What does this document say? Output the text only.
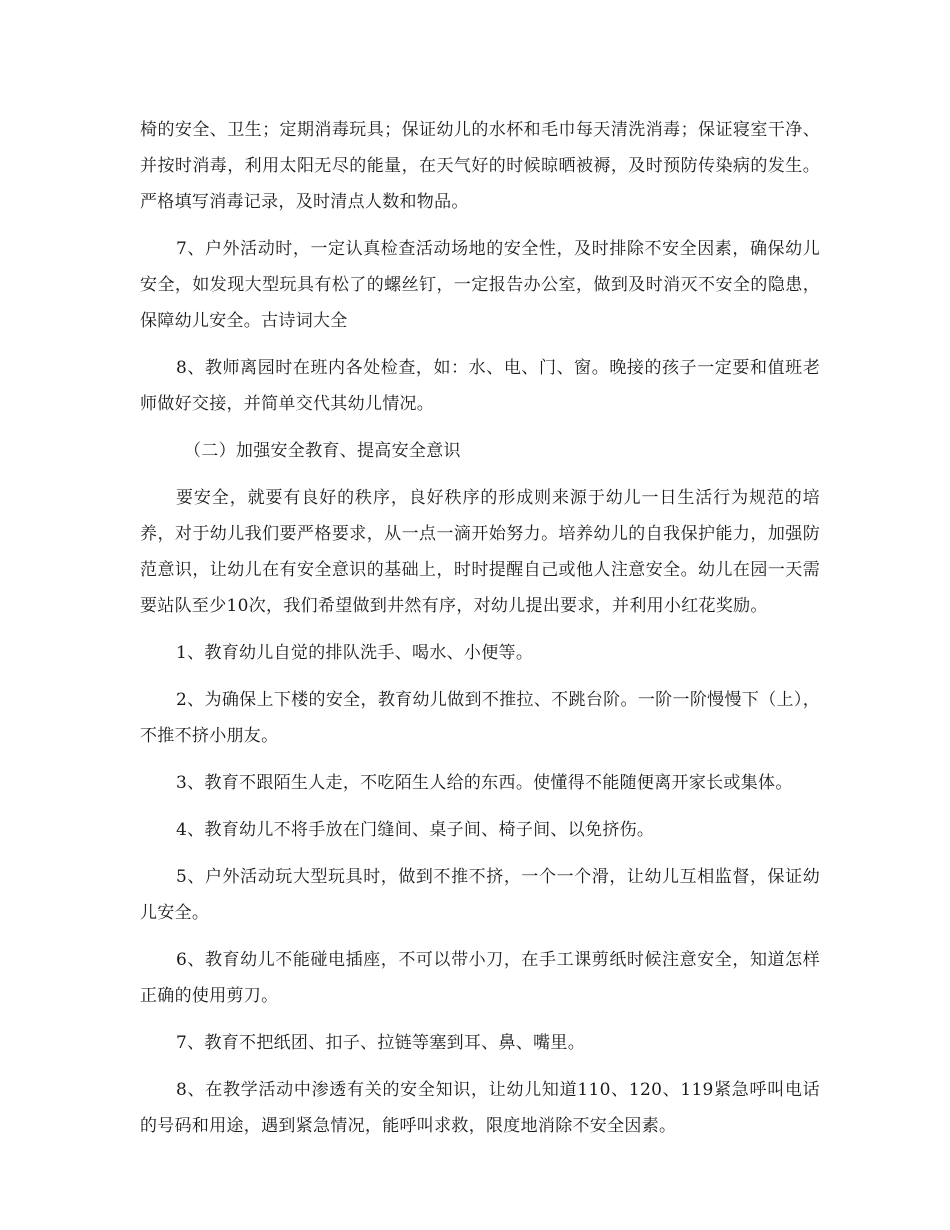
椅的安全、卫生；定期消毒玩具；保证幼儿的水杯和毛巾每天清洗消毒；保证寝室干净、并按时消毒，利用太阳无尽的能量，在天气好的时候晾晒被褥，及时预防传染病的发生。严格填写消毒记录，及时清点人数和物品。

7、户外活动时，一定认真检查活动场地的安全性，及时排除不安全因素，确保幼儿安全，如发现大型玩具有松了的螺丝钉，一定报告办公室，做到及时消灭不安全的隐患，保障幼儿安全。古诗词大全

8、教师离园时在班内各处检查，如：水、电、门、窗。晚接的孩子一定要和值班老师做好交接，并简单交代其幼儿情况。

（二）加强安全教育、提高安全意识

要安全，就要有良好的秩序，良好秩序的形成则来源于幼儿一日生活行为规范的培养，对于幼儿我们要严格要求，从一点一滴开始努力。培养幼儿的自我保护能力，加强防范意识，让幼儿在有安全意识的基础上，时时提醒自己或他人注意安全。幼儿在园一天需要站队至少10次，我们希望做到井然有序，对幼儿提出要求，并利用小红花奖励。

1、教育幼儿自觉的排队洗手、喝水、小便等。

2、为确保上下楼的安全，教育幼儿做到不推拉、不跳台阶。一阶一阶慢慢下（上），不推不挤小朋友。

3、教育不跟陌生人走，不吃陌生人给的东西。使懂得不能随便离开家长或集体。

4、教育幼儿不将手放在门缝间、桌子间、椅子间、以免挤伤。

5、户外活动玩大型玩具时，做到不推不挤，一个一个滑，让幼儿互相监督，保证幼儿安全。

6、教育幼儿不能碰电插座，不可以带小刀，在手工课剪纸时候注意安全，知道怎样正确的使用剪刀。

7、教育不把纸团、扣子、拉链等塞到耳、鼻、嘴里。

8、在教学活动中渗透有关的安全知识，让幼儿知道110、120、119紧急呼叫电话的号码和用途，遇到紧急情况，能呼叫求救，限度地消除不安全因素。
